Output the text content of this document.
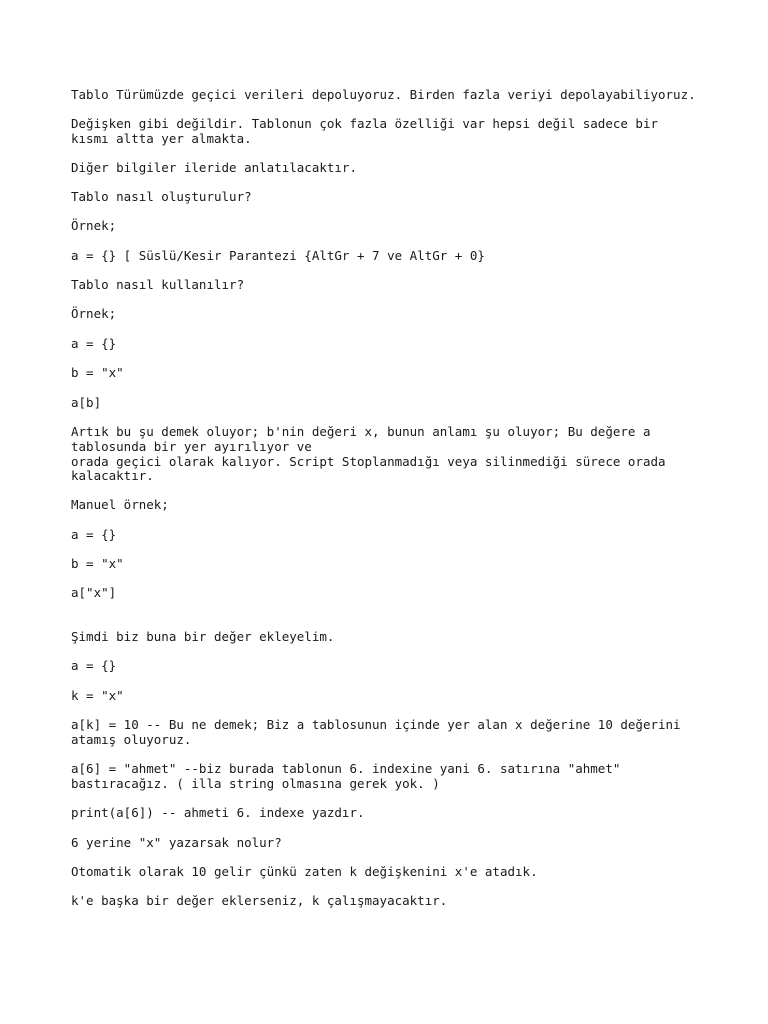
Tablo Türümüzde geçici verileri depoluyoruz. Birden fazla veriyi depolayabiliyoruz.

Değişken gibi değildir. Tablonun çok fazla özelliği var hepsi değil sadece bir

kısmı altta yer almakta.

Diğer bilgiler ileride anlatılacaktır.

Tablo nasıl oluşturulur?

Örnek;

a = {} [ Süslü/Kesir Parantezi {AltGr + 7 ve AltGr + 0}

Tablo nasıl kullanılır?

Örnek;

a = {}

b = "x"

a[b]

Artık bu şu demek oluyor; b'nin değeri x, bunun anlamı şu oluyor; Bu değere a

tablosunda bir yer ayırılıyor ve

orada geçici olarak kalıyor. Script Stoplanmadığı veya silinmediği sürece orada

kalacaktır.

Manuel örnek;

a = {}

b = "x"

a["x"]

Şimdi biz buna bir değer ekleyelim.

a = {}

k = "x"

a[k] = 10 -- Bu ne demek; Biz a tablosunun içinde yer alan x değerine 10 değerini

atamış oluyoruz.

a[6] = "ahmet" --biz burada tablonun 6. indexine yani 6. satırına "ahmet"

bastıracağız. ( illa string olmasına gerek yok. )

print(a[6]) -- ahmeti 6. indexe yazdır.

6 yerine "x" yazarsak nolur?

Otomatik olarak 10 gelir çünkü zaten k değişkenini x'e atadık.

k'e başka bir değer eklerseniz, k çalışmayacaktır.
